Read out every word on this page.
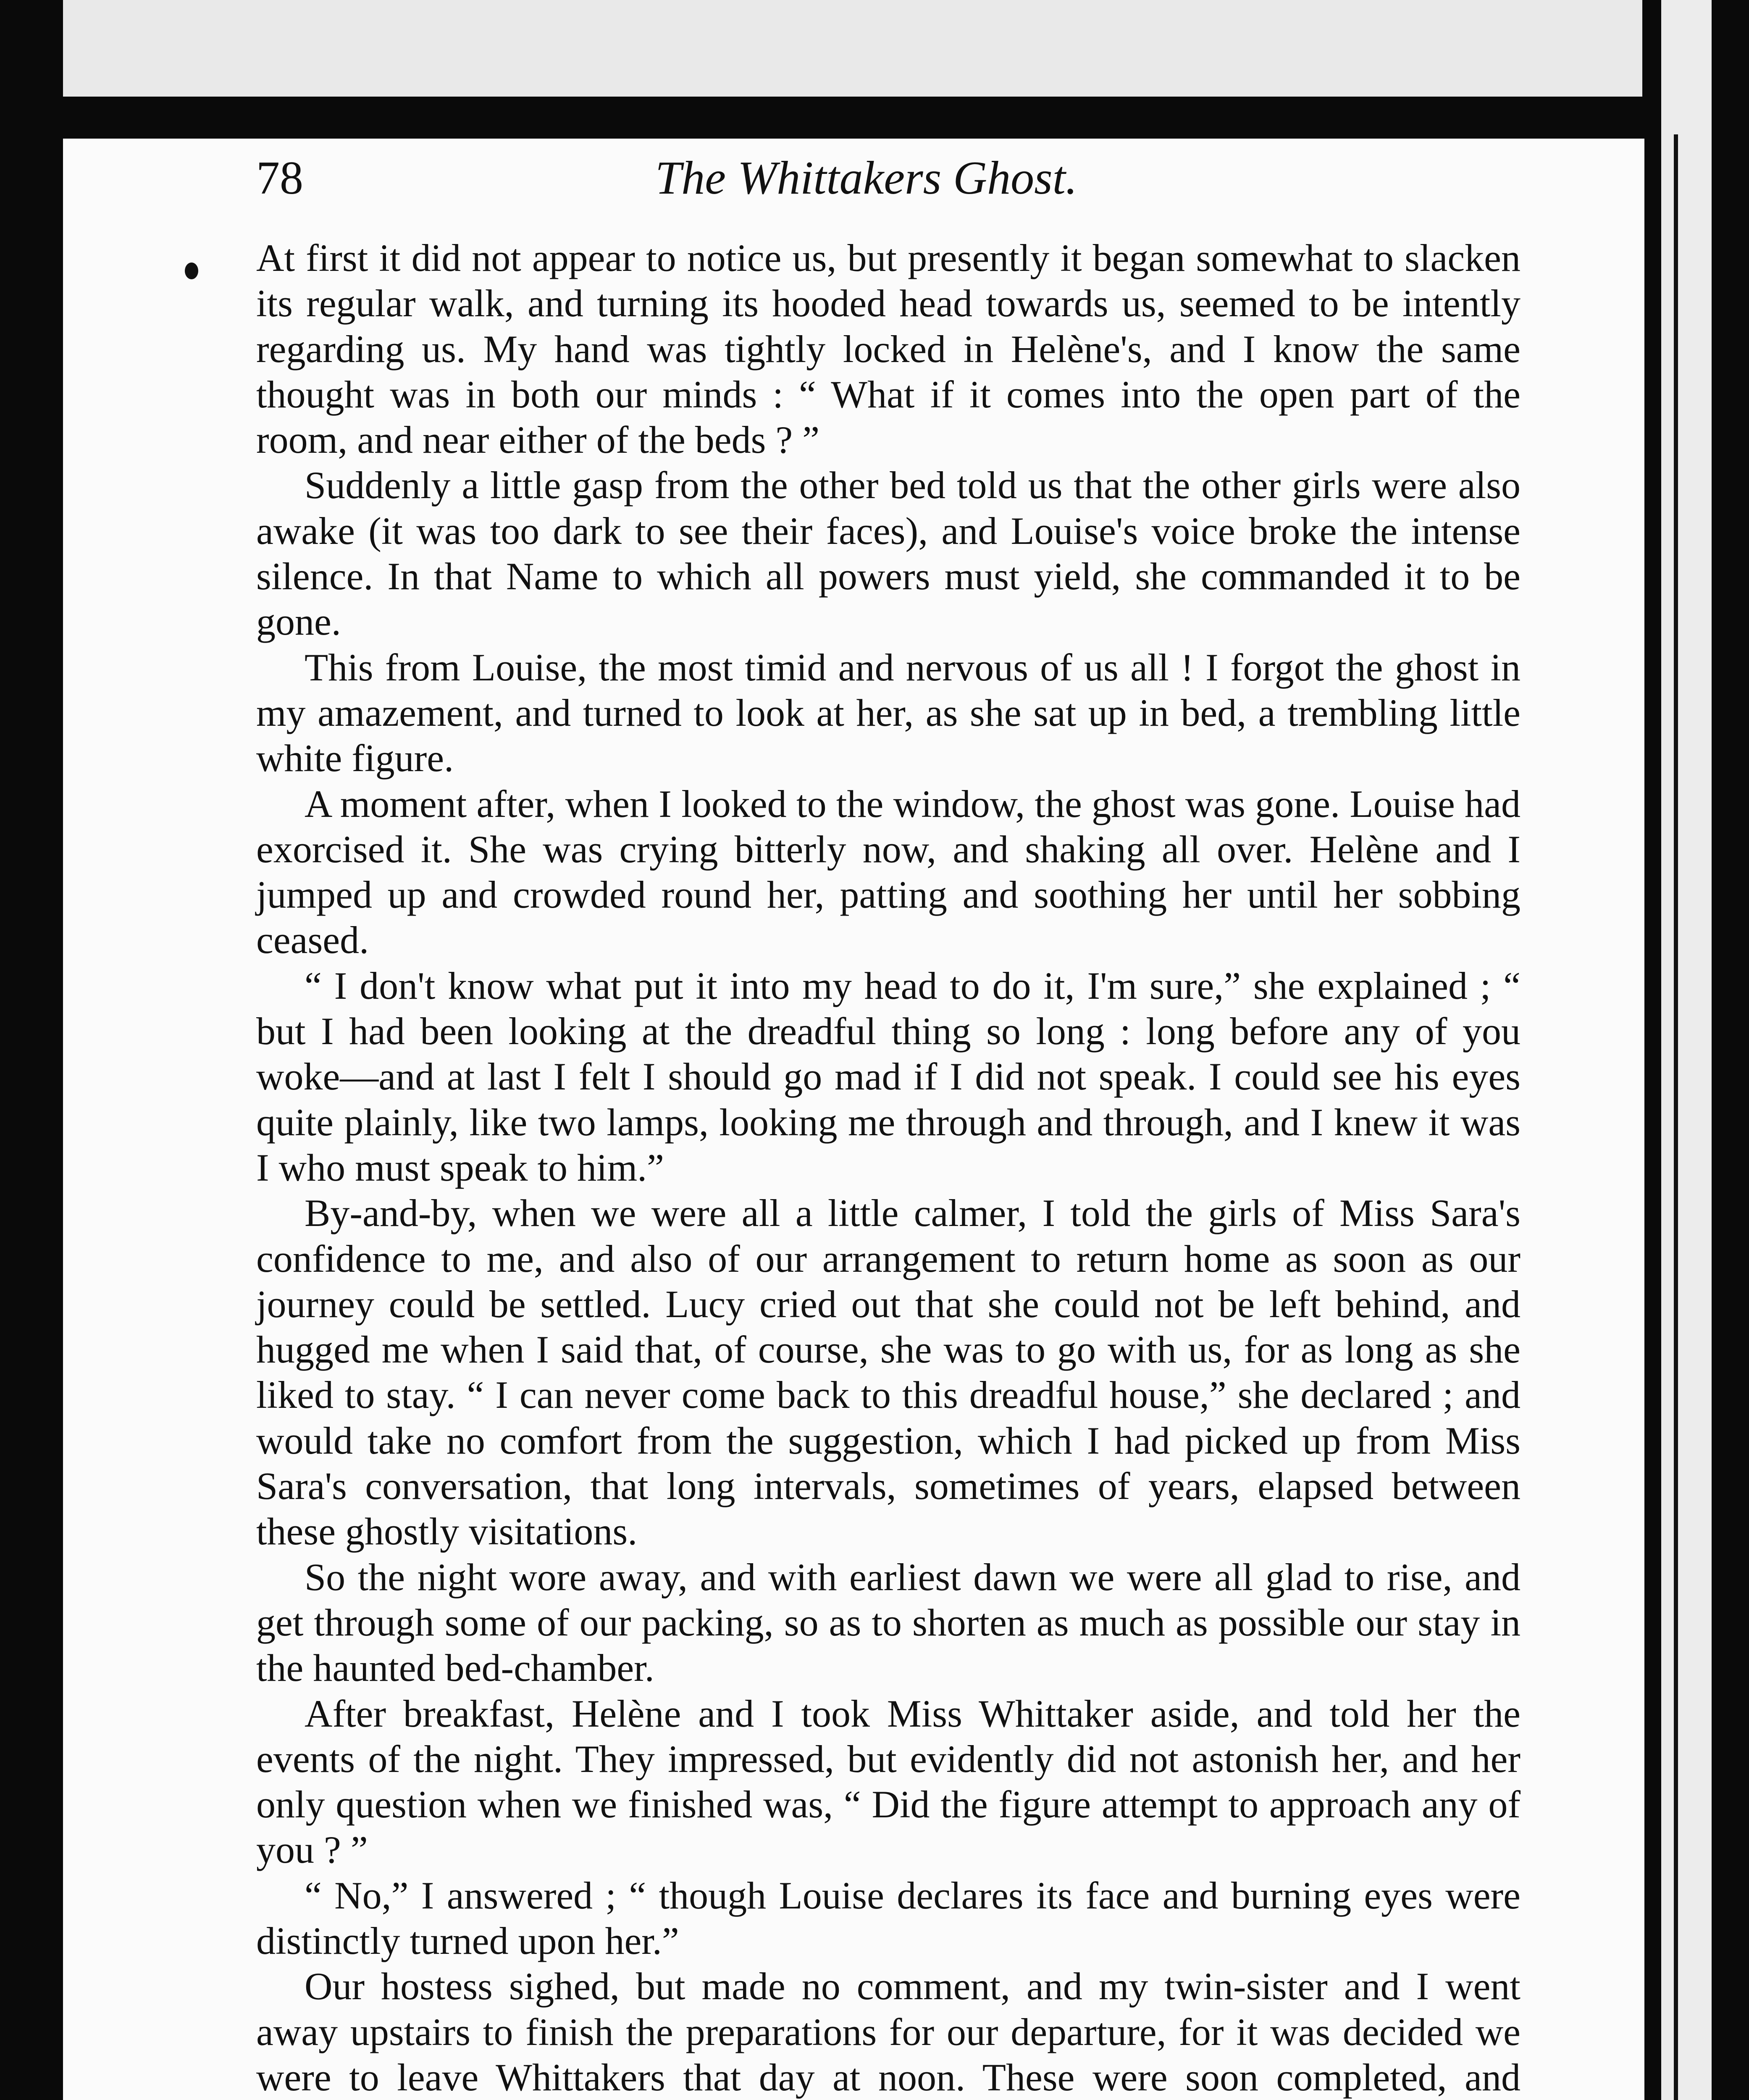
78	The Whittakers Ghost.

At first it did not appear to notice us, but presently it began somewhat to slacken its regular walk, and turning its hooded head towards us, seemed to be intently regarding us. My hand was tightly locked in Helène's, and I know the same thought was in both our minds : “ What if it comes into the open part of the room, and near either of the beds ? ”

Suddenly a little gasp from the other bed told us that the other girls were also awake (it was too dark to see their faces), and Louise's voice broke the intense silence. In that Name to which all powers must yield, she commanded it to be gone.

This from Louise, the most timid and nervous of us all ! I forgot the ghost in my amazement, and turned to look at her, as she sat up in bed, a trembling little white figure.

A moment after, when I looked to the window, the ghost was gone. Louise had exorcised it. She was crying bitterly now, and shaking all over. Helène and I jumped up and crowded round her, patting and soothing her until her sobbing ceased.

“ I don't know what put it into my head to do it, I'm sure,” she explained ; “ but I had been looking at the dreadful thing so long : long before any of you woke—and at last I felt I should go mad if I did not speak. I could see his eyes quite plainly, like two lamps, looking me through and through, and I knew it was I who must speak to him.”

By-and-by, when we were all a little calmer, I told the girls of Miss Sara's confidence to me, and also of our arrangement to return home as soon as our journey could be settled. Lucy cried out that she could not be left behind, and hugged me when I said that, of course, she was to go with us, for as long as she liked to stay. “ I can never come back to this dreadful house,” she declared ; and would take no comfort from the suggestion, which I had picked up from Miss Sara's conversation, that long intervals, sometimes of years, elapsed between these ghostly visitations.

So the night wore away, and with earliest dawn we were all glad to rise, and get through some of our packing, so as to shorten as much as possible our stay in the haunted bed-chamber.

After breakfast, Helène and I took Miss Whittaker aside, and told her the events of the night. They impressed, but evidently did not astonish her, and her only question when we finished was, “ Did the figure attempt to approach any of you ? ”

“ No,” I answered ; “ though Louise declares its face and burning eyes were distinctly turned upon her.”

Our hostess sighed, but made no comment, and my twin-sister and I went away upstairs to finish the preparations for our departure, for it was decided we were to leave Whittakers that day at noon. These were soon completed, and
